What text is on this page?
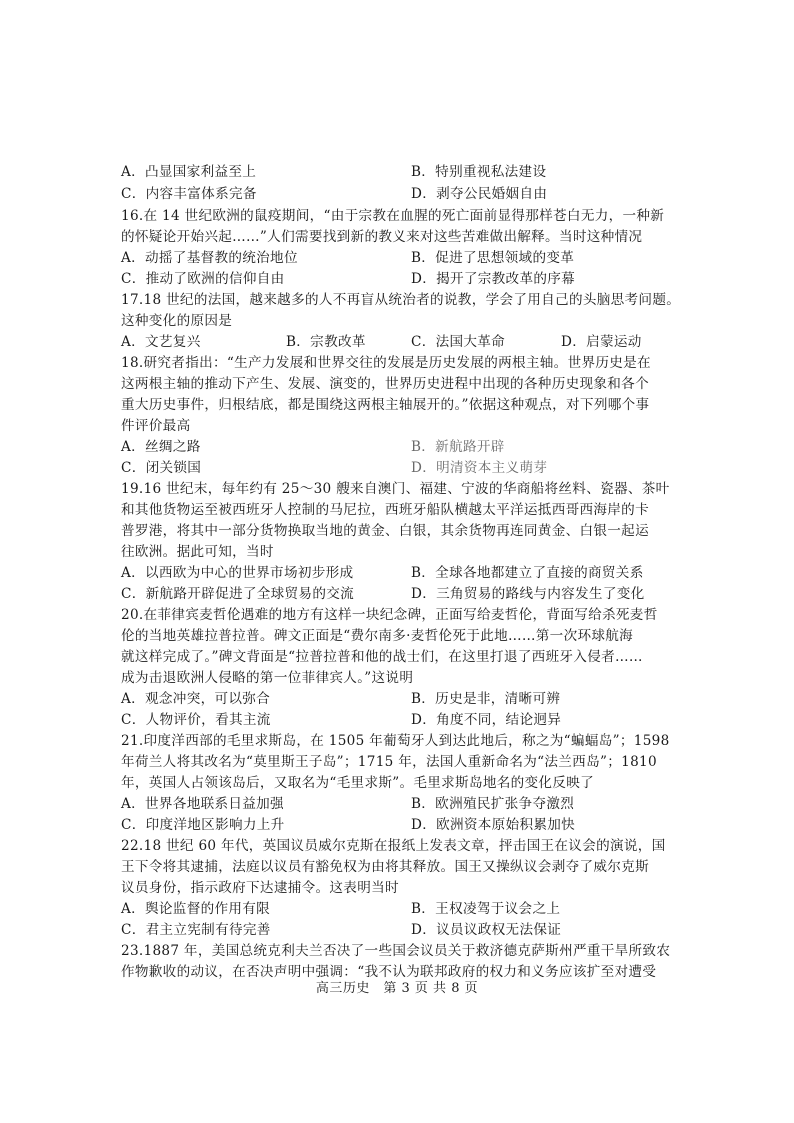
A．凸显国家利益至上	B．特别重视私法建设
C．内容丰富体系完备	D．剥夺公民婚姻自由
16.在 14 世纪欧洲的鼠疫期间，“由于宗教在血腥的死亡面前显得那样苍白无力，一种新
的怀疑论开始兴起……”人们需要找到新的教义来对这些苦难做出解释。当时这种情况
A．动摇了基督教的统治地位	B．促进了思想领域的变革
C．推动了欧洲的信仰自由	D．揭开了宗教改革的序幕
17.18 世纪的法国，越来越多的人不再盲从统治者的说教，学会了用自己的头脑思考问题。
这种变化的原因是
A．文艺复兴	B．宗教改革	C．法国大革命	D．启蒙运动
18.研究者指出：“生产力发展和世界交往的发展是历史发展的两根主轴。世界历史是在
这两根主轴的推动下产生、发展、演变的，世界历史进程中出现的各种历史现象和各个
重大历史事件，归根结底，都是围绕这两根主轴展开的。”依据这种观点，对下列哪个事
件评价最高
A．丝绸之路	B．新航路开辟
C．闭关锁国	D．明清资本主义萌芽
19.16 世纪末，每年约有 25～30 艘来自澳门、福建、宁波的华商船将丝料、瓷器、茶叶
和其他货物运至被西班牙人控制的马尼拉，西班牙船队横越太平洋运抵西哥西海岸的卡
普罗港，将其中一部分货物换取当地的黄金、白银，其余货物再连同黄金、白银一起运
往欧洲。据此可知，当时
A．以西欧为中心的世界市场初步形成	B．全球各地都建立了直接的商贸关系
C．新航路开辟促进了全球贸易的交流	D．三角贸易的路线与内容发生了变化
20.在菲律宾麦哲伦遇难的地方有这样一块纪念碑，正面写给麦哲伦，背面写给杀死麦哲
伦的当地英雄拉普拉普。碑文正面是“费尔南多·麦哲伦死于此地……第一次环球航海
就这样完成了。”碑文背面是“拉普拉普和他的战士们，在这里打退了西班牙入侵者……
成为击退欧洲人侵略的第一位菲律宾人。”这说明
A．观念冲突，可以弥合	B．历史是非，清晰可辨
C．人物评价，看其主流	D．角度不同，结论迥异
21.印度洋西部的毛里求斯岛，在 1505 年葡萄牙人到达此地后，称之为“蝙蝠岛”；1598
年荷兰人将其改名为“莫里斯王子岛”；1715 年，法国人重新命名为“法兰西岛”；1810
年，英国人占领该岛后，又取名为“毛里求斯”。毛里求斯岛地名的变化反映了
A．世界各地联系日益加强	B．欧洲殖民扩张争夺激烈
C．印度洋地区影响力上升	D．欧洲资本原始积累加快
22.18 世纪 60 年代，英国议员威尔克斯在报纸上发表文章，抨击国王在议会的演说，国
王下令将其逮捕，法庭以议员有豁免权为由将其释放。国王又操纵议会剥夺了威尔克斯
议员身份，指示政府下达逮捕令。这表明当时
A．舆论监督的作用有限	B．王权凌驾于议会之上
C．君主立宪制有待完善	D．议员议政权无法保证
23.1887 年，美国总统克利夫兰否决了一些国会议员关于救济德克萨斯州严重干旱所致农
作物歉收的动议，在否决声明中强调：“我不认为联邦政府的权力和义务应该扩至对遭受
高三历史　第 3 页 共 8 页
